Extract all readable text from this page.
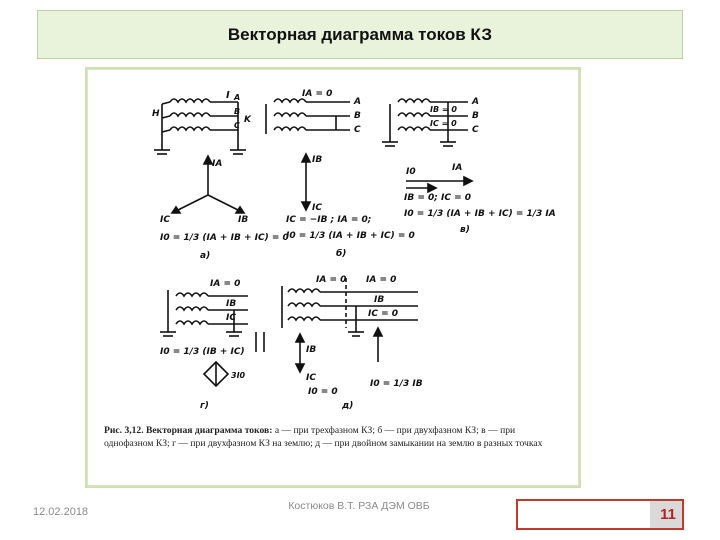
Векторная диаграмма токов КЗ
I A
B
C
H
K
IA = 0
A
B
C
A
B
C
IB = 0
IC = 0
IA
IB
IC
I0 = 1/3 (IA + IB + IC) = 0
a)
IB
IC
IC = −IB ; IA = 0;
I0 = 1/3 (IA + IB + IC) = 0
б)
I0	IA
IB = 0; IC = 0
I0 = 1/3 (IA + IB + IC) = 1/3 IA
в)
IA = 0
IB
IC
I0 = 1/3 (IB + IC)
3I0
г)
IA = 0 IA = 0
IB
IC = 0
IB
IC
I0 = 0
I0 = 1/3 IB
д)
Рис. 3,12. Векторная диаграмма токов: а — при трехфазном КЗ; б — при двухфазном КЗ; в — при однофазном КЗ; г — при двухфазном КЗ на землю; д — при двойном замыкании на землю в разных точках
12.02.2018	Костюков В.Т. РЗА ДЭМ ОВБ	11
